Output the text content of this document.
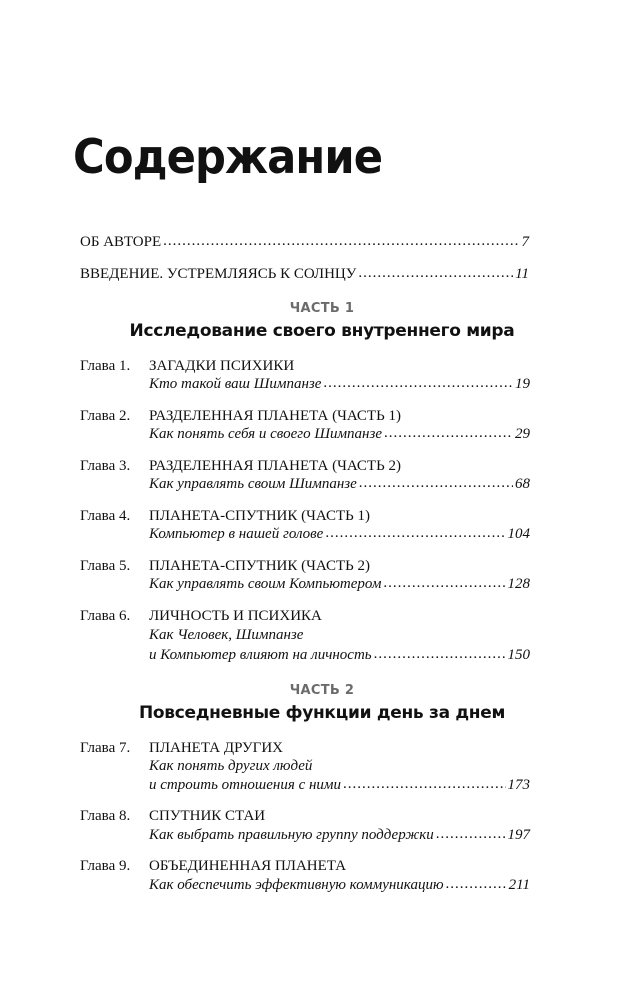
Содержание
ОБ АВТОРЕ .....	7
ВВЕДЕНИЕ. УСТРЕМЛЯЯСЬ К СОЛНЦУ .....	11
ЧАСТЬ 1
Исследование своего внутреннего мира
Глава 1. ЗАГАДКИ ПСИХИКИ
Кто такой ваш Шимпанзе .....	19
Глава 2. РАЗДЕЛЕННАЯ ПЛАНЕТА (ЧАСТЬ 1)
Как понять себя и своего Шимпанзе .....	29
Глава 3. РАЗДЕЛЕННАЯ ПЛАНЕТА (ЧАСТЬ 2)
Как управлять своим Шимпанзе .....	68
Глава 4. ПЛАНЕТА-СПУТНИК (ЧАСТЬ 1)
Компьютер в нашей голове .....	104
Глава 5. ПЛАНЕТА-СПУТНИК (ЧАСТЬ 2)
Как управлять своим Компьютером .....	128
Глава 6. ЛИЧНОСТЬ И ПСИХИКА
Как Человек, Шимпанзе
и Компьютер влияют на личность .....	150
ЧАСТЬ 2
Повседневные функции день за днем
Глава 7. ПЛАНЕТА ДРУГИХ
Как понять других людей
и строить отношения с ними .....	173
Глава 8. СПУТНИК СТАИ
Как выбрать правильную группу поддержки .....	197
Глава 9. ОБЪЕДИНЕННАЯ ПЛАНЕТА
Как обеспечить эффективную коммуникацию .....	211
